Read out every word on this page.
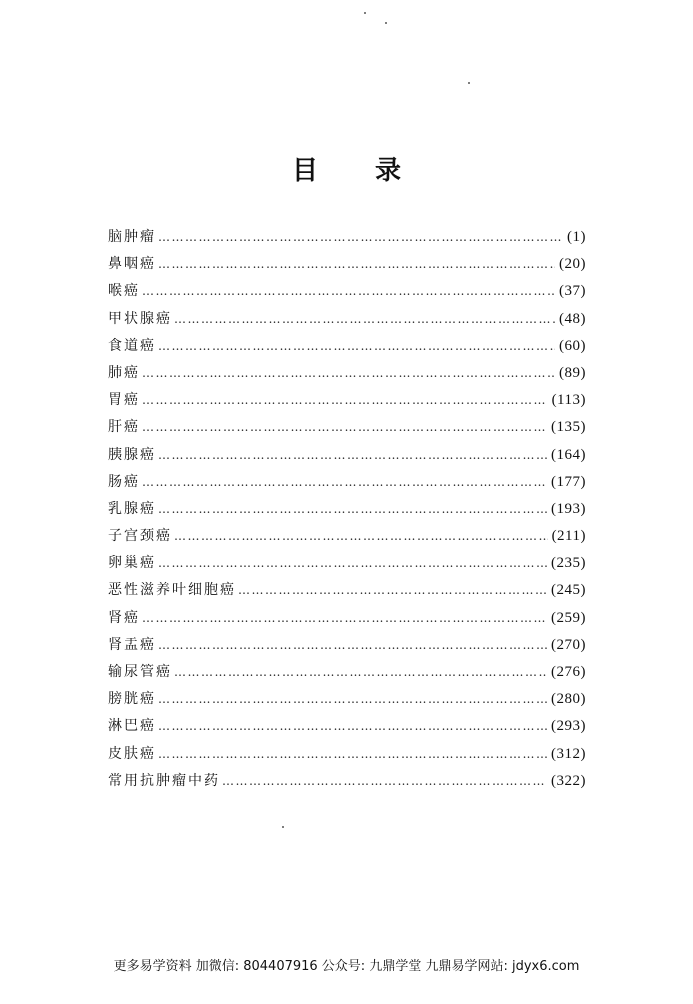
目 录
脑肿瘤 ……………………………………………………………………………………………………………………………………………………	(1)
鼻咽癌 ……………………………………………………………………………………………………………………………………………………	(20)
喉癌 ……………………………………………………………………………………………………………………………………………………	(37)
甲状腺癌 ……………………………………………………………………………………………………………………………………………………	(48)
食道癌 ……………………………………………………………………………………………………………………………………………………	(60)
肺癌 ……………………………………………………………………………………………………………………………………………………	(89)
胃癌 ……………………………………………………………………………………………………………………………………………………	(113)
肝癌 ……………………………………………………………………………………………………………………………………………………	(135)
胰腺癌 ……………………………………………………………………………………………………………………………………………………	(164)
肠癌 ……………………………………………………………………………………………………………………………………………………	(177)
乳腺癌 ……………………………………………………………………………………………………………………………………………………	(193)
子宫颈癌 ……………………………………………………………………………………………………………………………………………………	(211)
卵巢癌 ……………………………………………………………………………………………………………………………………………………	(235)
恶性滋养叶细胞癌 ……………………………………………………………………………………………………………………………………………………	(245)
肾癌 ……………………………………………………………………………………………………………………………………………………	(259)
肾盂癌 ……………………………………………………………………………………………………………………………………………………	(270)
输尿管癌 ……………………………………………………………………………………………………………………………………………………	(276)
膀胱癌 ……………………………………………………………………………………………………………………………………………………	(280)
淋巴癌 ……………………………………………………………………………………………………………………………………………………	(293)
皮肤癌 ……………………………………………………………………………………………………………………………………………………	(312)
常用抗肿瘤中药 ……………………………………………………………………………………………………………………………………………………	(322)
更多易学资料 加微信: 804407916 公众号: 九鼎学堂 九鼎易学网站: jdyx6.com
